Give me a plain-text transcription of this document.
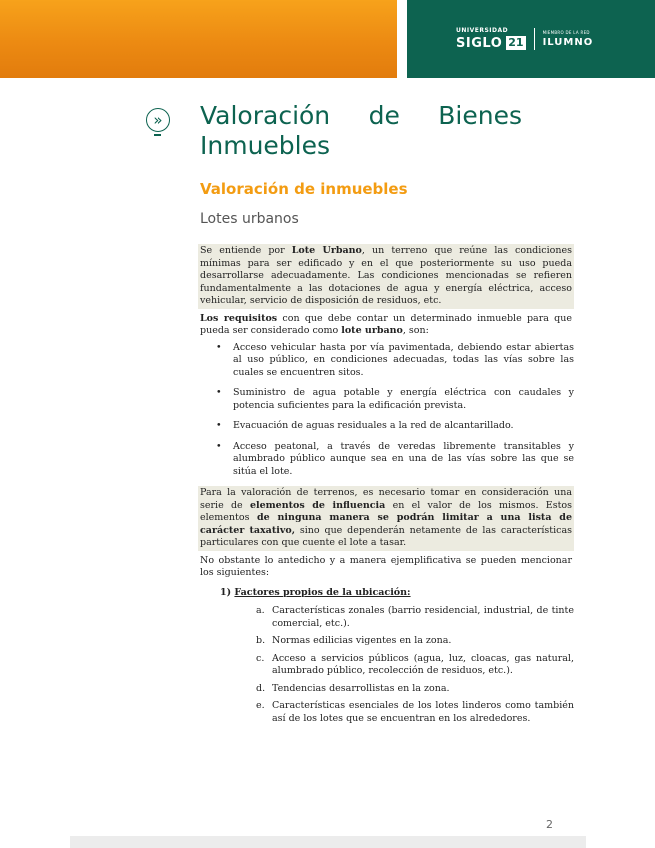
UNIVERSIDAD
SIGLO 21
MIEMBRO DE LA RED
ILUMNO
» Valoración de Bienes
Inmuebles
Valoración de inmuebles
Lotes urbanos

Se entiende por Lote Urbano, un terreno que reúne las condiciones mínimas para ser edificado y en el que posteriormente su uso pueda desarrollarse adecuadamente. Las condiciones mencionadas se refieren fundamentalmente a las dotaciones de agua y energía eléctrica, acceso vehicular, servicio de disposición de residuos, etc.

Los requisitos con que debe contar un determinado inmueble para que pueda ser considerado como lote urbano, son:

• Acceso vehicular hasta por vía pavimentada, debiendo estar abiertas al uso público, en condiciones adecuadas, todas las vías sobre las cuales se encuentren sitos.
• Suministro de agua potable y energía eléctrica con caudales y potencia suficientes para la edificación prevista.
• Evacuación de aguas residuales a la red de alcantarillado.
• Acceso peatonal, a través de veredas libremente transitables y alumbrado público aunque sea en una de las vías sobre las que se sitúa el lote.

Para la valoración de terrenos, es necesario tomar en consideración una serie de elementos de influencia en el valor de los mismos. Estos elementos de ninguna manera se podrán limitar a una lista de carácter taxativo, sino que dependerán netamente de las características particulares con que cuente el lote a tasar.

No obstante lo antedicho y a manera ejemplificativa se pueden mencionar los siguientes:

1) Factores propios de la ubicación:
a. Características zonales (barrio residencial, industrial, de tinte comercial, etc.).
b. Normas edilicias vigentes en la zona.
c. Acceso a servicios públicos (agua, luz, cloacas, gas natural, alumbrado público, recolección de residuos, etc.).
d. Tendencias desarrollistas en la zona.
e. Características esenciales de los lotes linderos como también así de los lotes que se encuentran en los alrededores.
2
